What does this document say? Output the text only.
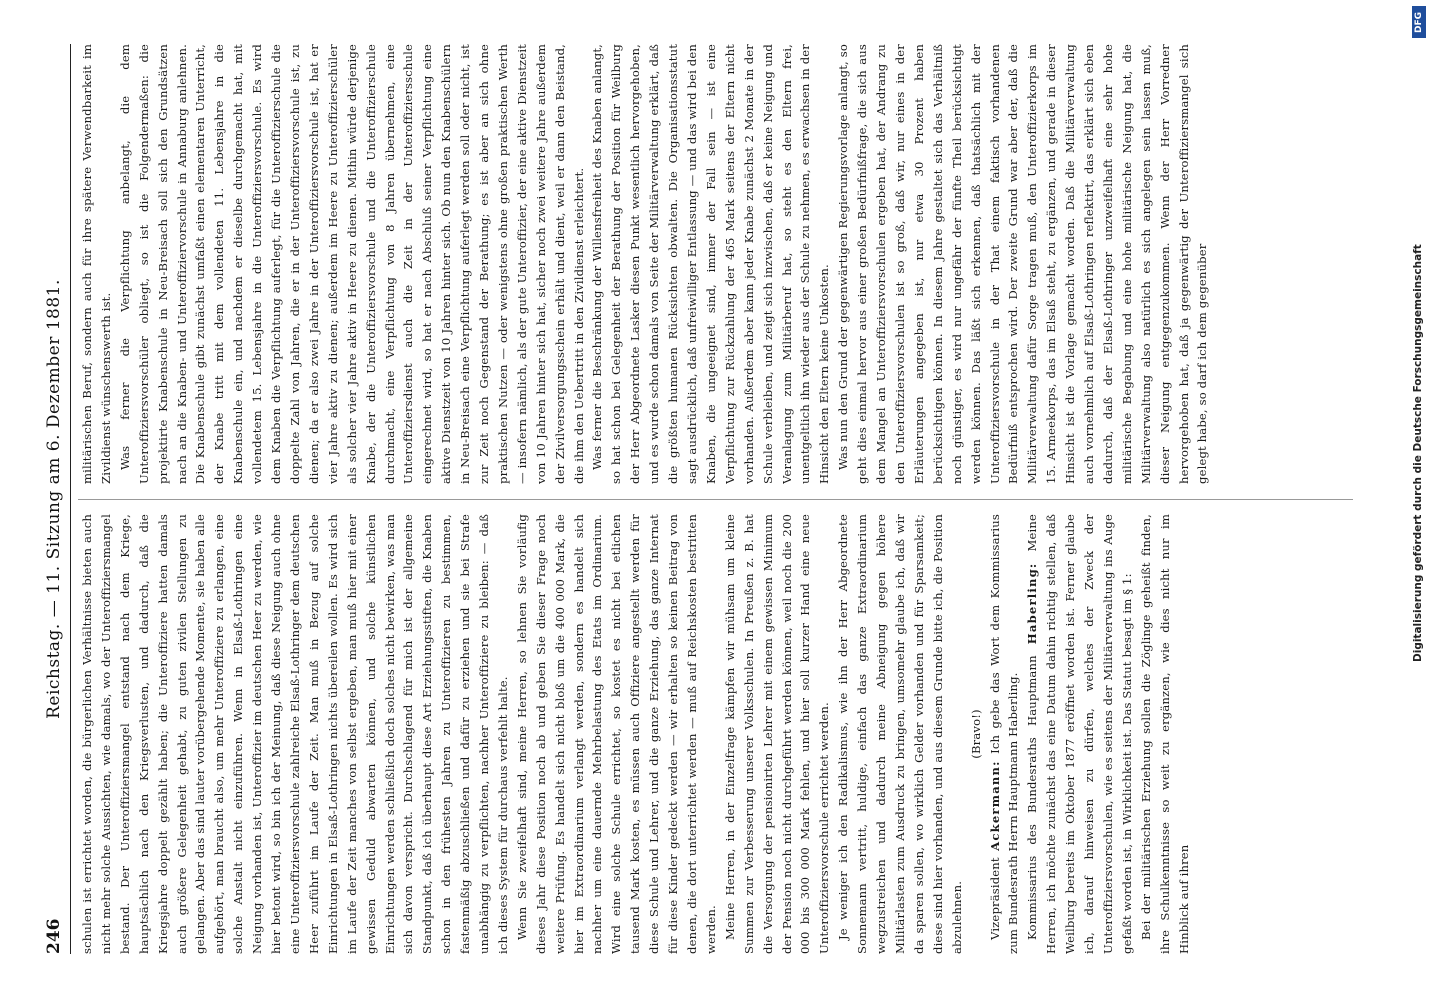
246
Reichstag. — 11. Sitzung am 6. Dezember 1881.

schulen ist errichtet worden, die bürgerlichen Verhältnisse bieten auch nicht mehr solche Aussichten, wie damals, wo der Unteroffiziersmangel bestand. Der Unteroffiziersmangel entstand nach dem Kriege, hauptsächlich nach den Kriegsverlusten, und dadurch, daß die Kriegsjahre doppelt gezählt haben; die Unteroffiziere hatten damals auch größere Gelegenheit gehabt, zu guten zivilen Stellungen zu gelangen. Aber das sind lauter vorübergehende Momente, sie haben alle aufgehört, man braucht also, um mehr Unteroffiziere zu erlangen, eine solche Anstalt nicht einzuführen. Wenn in Elsaß-Lothringen eine Neigung vorhanden ist, Unteroffizier im deutschen Heer zu werden, wie hier betont wird, so bin ich der Meinung, daß diese Neigung auch ohne eine Unteroffiziersvorschule zahlreiche Elsaß-Lothringer dem deutschen Heer zuführt im Laufe der Zeit. Man muß in Bezug auf solche Einrichtungen in Elsaß-Lothringen nichts übereilen wollen. Es wird sich im Laufe der Zeit manches von selbst ergeben, man muß hier mit einer gewissen Geduld abwarten können, und solche künstlichen Einrichtungen werden schließlich doch solches nicht bewirken, was man sich davon verspricht. Durchschlagend für mich ist der allgemeine Standpunkt, daß ich überhaupt diese Art Erziehungsstiften, die Knaben schon in den frühesten Jahren zu Unteroffizieren zu bestimmen, fastenmäßig abzuschließen und dafür zu erziehen und sie bei Strafe unabhängig zu verpflichten, nachher Unteroffiziere zu bleiben: — daß ich dieses System für durchaus verfehlt halte. Wenn Sie zweifelhaft sind, meine Herren, so lehnen Sie vorläufig dieses Jahr diese Position noch ab und geben Sie dieser Frage noch weitere Prüfung. Es handelt sich nicht bloß um die 400 000 Mark, die hier im Extraordinarium verlangt werden, sondern es handelt sich nachher um eine dauernde Mehrbelastung des Etats im Ordinarium. Wird eine solche Schule errichtet, so kostet es nicht bei etlichen tausend Mark kosten, es müssen auch Offiziere angestellt werden für diese Schule und Lehrer, und die ganze Erziehung, das ganze Internat für diese Kinder gedeckt werden — wir erhalten so keinen Beitrag von denen, die dort unterrichtet werden — muß auf Reichskosten bestritten werden. Meine Herren, in der Einzelfrage kämpfen wir mühsam um kleine Summen zur Verbesserung unserer Volksschulen. In Preußen z. B. hat die Versorgung der pensionirten Lehrer mit einem gewissen Minimum der Pension noch nicht durchgeführt werden können, weil noch die 200 000 bis 300 000 Mark fehlen, und hier soll kurzer Hand eine neue Unteroffiziersvorschule errichtet werden. Je weniger ich den Radikalismus, wie ihn der Herr Abgeordnete Sonnemann vertritt, huldige, einfach das ganze Extraordinarium wegzustreichen und dadurch meine Abneigung gegen höhere Militärlasten zum Ausdruck zu bringen, umsomehr glaube ich, daß wir da sparen sollen, wo wirklich Gelder vorhanden und für Sparsamkeit; diese sind hier vorhanden, und aus diesem Grunde bitte ich, die Position abzulehnen.

(Bravo!)

Vizepräsident Ackermann: Ich gebe das Wort dem Kommissarius zum Bundesrath Herrn Hauptmann Haberling. Kommissarius des Bundesraths Hauptmann Haberling: Meine Herren, ich möchte zunächst das eine Datum dahin richtig stellen, daß Weilburg bereits im Oktober 1877 eröffnet worden ist. Ferner glaube ich, darauf hinweisen zu dürfen, welches der Zweck der Unteroffiziersvorschulen, wie es seitens der Militärverwaltung ins Auge gefaßt worden ist, in Wirklichkeit ist. Das Statut besagt im § 1: Bei der militärischen Erziehung sollen die Zöglinge geheißt finden, ihre Schulkenntnisse so weit zu ergänzen, wie dies nicht nur im Hinblick auf ihren

militärischen Beruf, sondern auch für ihre spätere Verwendbarkeit im Zivildienst wünschenswerth ist. Was ferner die Verpflichtung anbelangt, die dem Unteroffiziersvorschüler obliegt, so ist die Folgendermaßen: die projektirte Knabenschule in Neu-Breisach soll sich den Grundsätzen nach an die Knaben- und Unteroffiziervorschule in Annaburg anlehnen. Die Knabenschule gibt zunächst umfaßt einen elementaren Unterricht, der Knabe tritt mit dem vollendeten 11. Lebensjahre in die Knabenschule ein, und nachdem er dieselbe durchgemacht hat, mit vollendetem 15. Lebensjahre in die Unteroffiziersvorschule. Es wird dem Knaben die Verpflichtung auferlegt, für die Unteroffizierschule die doppelte Zahl von Jahren, die er in der Unteroffiziersvorschule ist, zu dienen; da er also zwei Jahre in der Unteroffiziersvorschule ist, hat er vier Jahre aktiv zu dienen; außerdem im Heere zu Unteroffizierschüler als solcher vier Jahre aktiv in Heere zu dienen. Mithin würde derjenige Knabe, der die Unteroffiziersvorschule und die Unteroffizierschule durchmacht, eine Verpflichtung von 8 Jahren übernehmen, eine Unteroffiziersdienst auch die Zeit in der Unteroffiziersschule eingerechnet wird, so hat er nach Abschluß seiner Verpflichtung eine aktive Dienstzeit von 10 Jahren hinter sich. Ob nun den Knabenschülern in Neu-Breisach eine Verpflichtung auferlegt werden soll oder nicht, ist zur Zeit noch Gegenstand der Berathung; es ist aber an sich ohne praktischen Nutzen — oder wenigstens ohne großen praktischen Werth — insofern nämlich, als der gute Unteroffizier, der eine aktive Dienstzeit von 10 Jahren hinter sich hat, sicher noch zwei weitere Jahre außerdem der Zivilversorgungsschein erhält und dient, weil er dann den Beistand, die ihm den Uebertritt in den Zivildienst erleichtert. Was ferner die Beschränkung der Willensfreiheit des Knaben anlangt, so hat schon bei Gelegenheit der Berathung der Position für Weilburg der Herr Abgeordnete Lasker diesen Punkt wesentlich hervorgehoben, und es wurde schon damals von Seite der Militärverwaltung erklärt, daß die größten humanen Rücksichten obwalten. Die Organisationsstatut sagt ausdrücklich, daß unfreiwilliger Entlassung — und das wird bei den Knaben, die ungeeignet sind, immer der Fall sein — ist eine Verpflichtung zur Rückzahlung der 465 Mark seitens der Eltern nicht vorhanden. Außerdem aber kann jeder Knabe zunächst 2 Monate in der Schule verbleiben, und zeigt sich inzwischen, daß er keine Neigung und Veranlagung zum Militärberuf hat, so steht es den Eltern frei, unentgeltlich ihn wieder aus der Schule zu nehmen, es erwachsen in der Hinsicht den Eltern keine Unkosten. Was nun den Grund der gegenwärtigen Regierungsvorlage anlangt, so geht dies einmal hervor aus einer großen Bedürfnißfrage, die sich aus dem Mangel an Unteroffiziersvorschulen ergeben hat, der Andrang zu den Unteroffiziersvorschulen ist so groß, daß wir, nur eines in der Erläuterungen angegeben ist, nur etwa 30 Prozent haben berücksichtigen können. In diesem Jahre gestaltet sich das Verhältniß noch günstiger, es wird nur ungefähr der fünfte Theil berücksichtigt werden können. Das läßt sich erkennen, daß thatsächlich mit der Unteroffiziersvorschule in der That einem faktisch vorhandenen Bedürfniß entsprochen wird. Der zweite Grund war aber der, daß die Militärverwaltung dafür Sorge tragen muß, den Unteroffizierkorps im 15. Armeekorps, das im Elsaß steht, zu ergänzen, und gerade in dieser Hinsicht ist die Vorlage gemacht worden. Daß die Militärverwaltung auch vornehmlich auf Elsaß-Lothringen reflektirt, das erklärt sich eben dadurch, daß der Elsaß-Lothringer unzweifelhaft eine sehr hohe militärische Begabung und eine hohe militärische Neigung hat, die Militärverwaltung also natürlich es sich angelegen sein lassen muß, dieser Neigung entgegenzukommen. Wenn der Herr Vorredner hervorgehoben hat, daß ja gegenwärtig der Unteroffiziersmangel sich gelegt habe, so darf ich dem gegenüber

DFG
Digitalisierung gefördert durch die Deutsche Forschungsgemeinschaft
